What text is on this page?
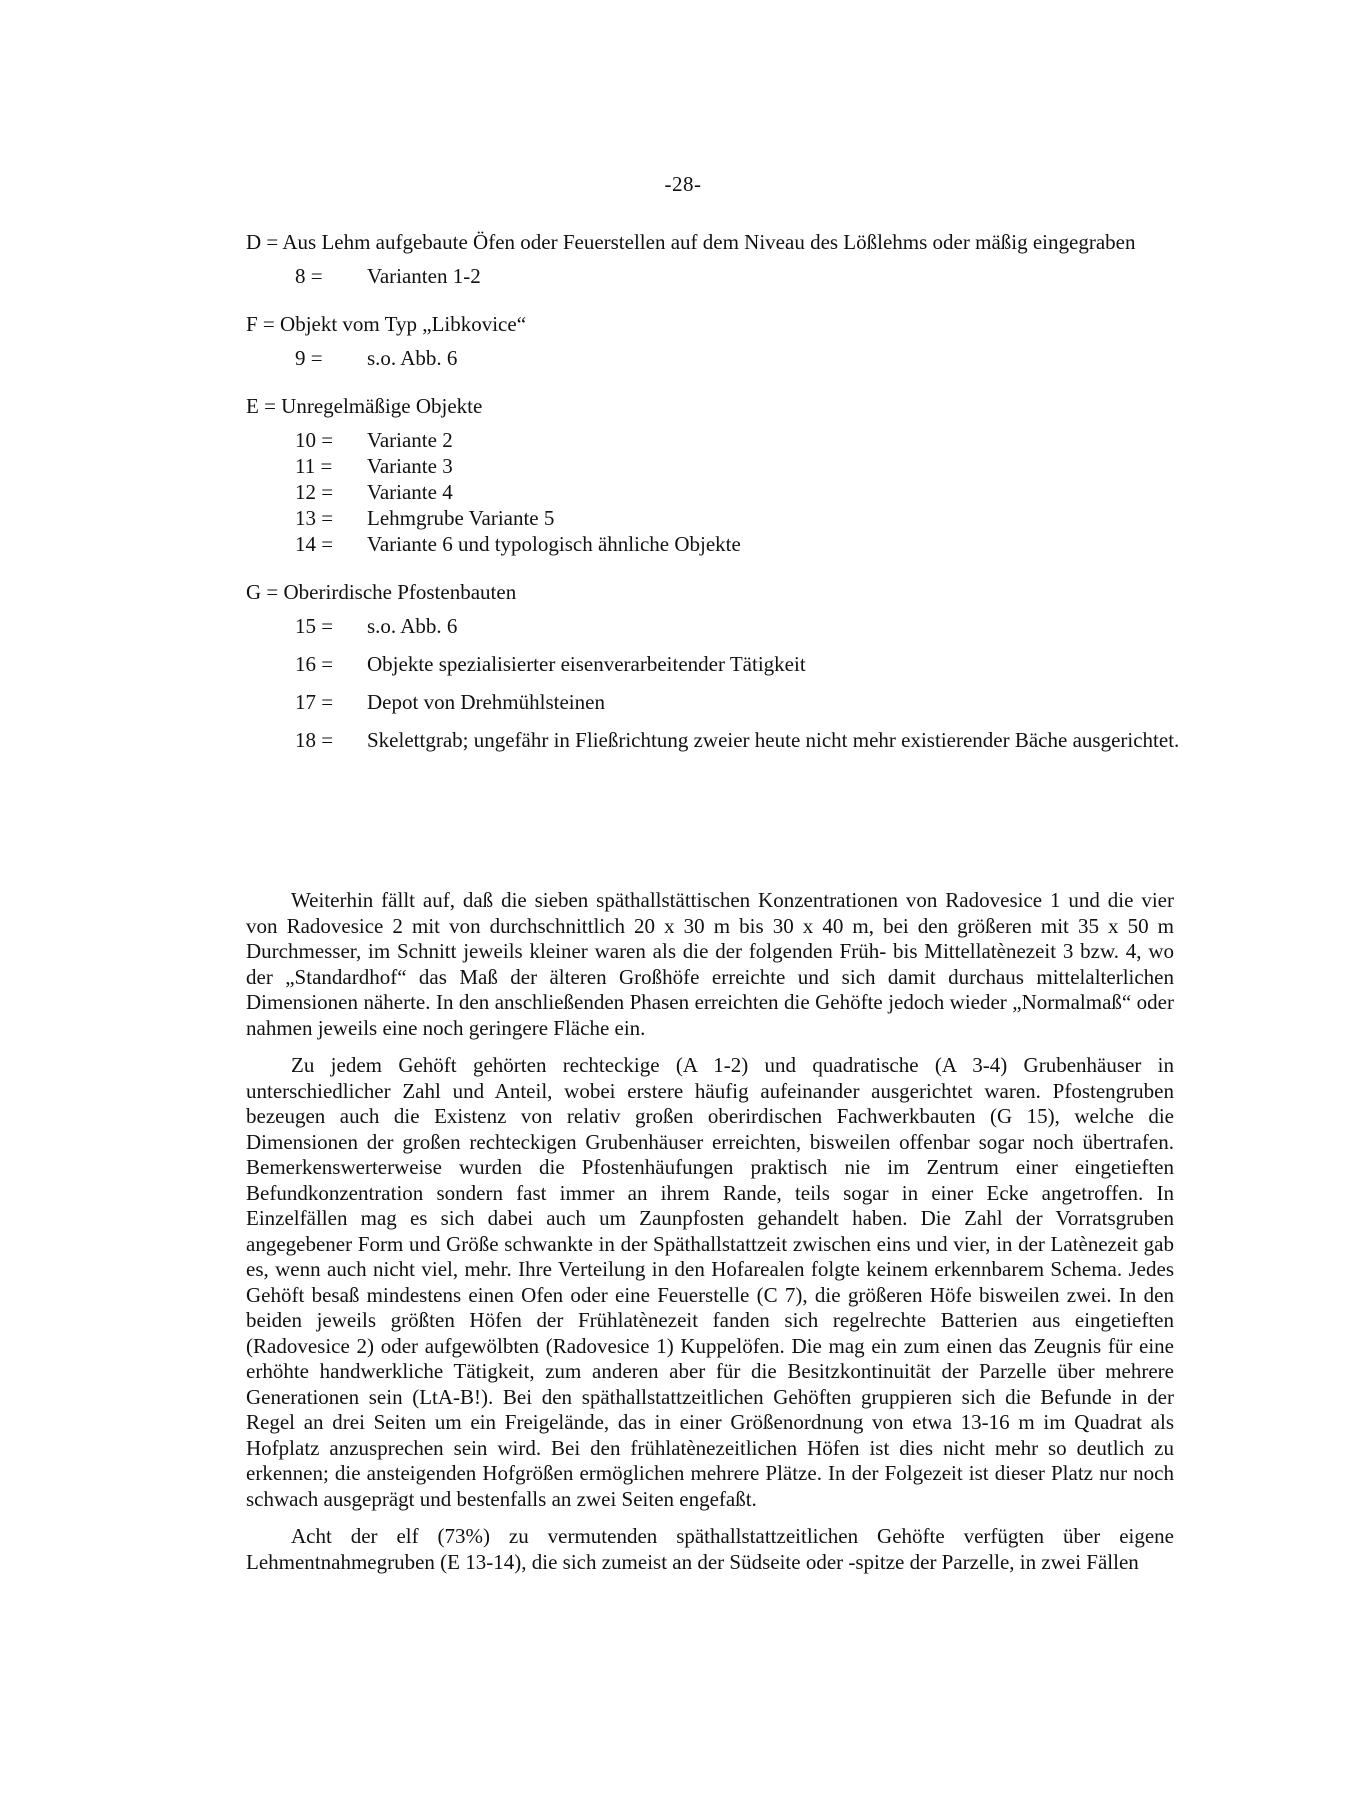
-28-
D = Aus Lehm aufgebaute Öfen oder Feuerstellen auf dem Niveau des Lößlehms oder mäßig eingegraben
8 =	Varianten 1-2
F = Objekt vom Typ „Libkovice“
9 =	s.o. Abb. 6
E = Unregelmäßige Objekte
10 =	Variante 2
11 =	Variante 3
12 =	Variante 4
13 =	Lehmgrube Variante 5
14 =	Variante 6 und typologisch ähnliche Objekte
G = Oberirdische Pfostenbauten
15 =	s.o. Abb. 6
16 =	Objekte spezialisierter eisenverarbeitender Tätigkeit
17 =	Depot von Drehmühlsteinen
18 =	Skelettgrab; ungefähr in Fließrichtung zweier heute nicht mehr existierender Bäche ausgerichtet.

Weiterhin fällt auf, daß die sieben späthallstättischen Konzentrationen von Radovesice 1 und die vier von Radovesice 2 mit von durchschnittlich 20 x 30 m bis 30 x 40 m, bei den größeren mit 35 x 50 m Durchmesser, im Schnitt jeweils kleiner waren als die der folgenden Früh- bis Mittellatènezeit 3 bzw. 4, wo der „Standardhof“ das Maß der älteren Großhöfe erreichte und sich damit durchaus mittelalterlichen Dimensionen näherte. In den anschließenden Phasen erreichten die Gehöfte jedoch wieder „Normalmaß“ oder nahmen jeweils eine noch geringere Fläche ein.

Zu jedem Gehöft gehörten rechteckige (A 1-2) und quadratische (A 3-4) Grubenhäuser in unterschiedlicher Zahl und Anteil, wobei erstere häufig aufeinander ausgerichtet waren. Pfostengruben bezeugen auch die Existenz von relativ großen oberirdischen Fachwerkbauten (G 15), welche die Dimensionen der großen rechteckigen Grubenhäuser erreichten, bisweilen offenbar sogar noch übertrafen. Bemerkenswerterweise wurden die Pfostenhäufungen praktisch nie im Zentrum einer eingetieften Befundkonzentration sondern fast immer an ihrem Rande, teils sogar in einer Ecke angetroffen. In Einzelfällen mag es sich dabei auch um Zaunpfosten gehandelt haben. Die Zahl der Vorratsgruben angegebener Form und Größe schwankte in der Späthallstattzeit zwischen eins und vier, in der Latènezeit gab es, wenn auch nicht viel, mehr. Ihre Verteilung in den Hofarealen folgte keinem erkennbarem Schema. Jedes Gehöft besaß mindestens einen Ofen oder eine Feuerstelle (C 7), die größeren Höfe bisweilen zwei. In den beiden jeweils größten Höfen der Frühlatènezeit fanden sich regelrechte Batterien aus eingetieften (Radovesice 2) oder aufgewölbten (Radovesice 1) Kuppelöfen. Die mag ein zum einen das Zeugnis für eine erhöhte handwerkliche Tätigkeit, zum anderen aber für die Besitzkontinuität der Parzelle über mehrere Generationen sein (LtA-B!). Bei den späthallstattzeitlichen Gehöften gruppieren sich die Befunde in der Regel an drei Seiten um ein Freigelände, das in einer Größenordnung von etwa 13-16 m im Quadrat als Hofplatz anzusprechen sein wird. Bei den frühlatènezeitlichen Höfen ist dies nicht mehr so deutlich zu erkennen; die ansteigenden Hofgrößen ermöglichen mehrere Plätze. In der Folgezeit ist dieser Platz nur noch schwach ausgeprägt und bestenfalls an zwei Seiten engefaßt.

Acht der elf (73%) zu vermutenden späthallstattzeitlichen Gehöfte verfügten über eigene Lehmentnahmegruben (E 13-14), die sich zumeist an der Südseite oder -spitze der Parzelle, in zwei Fällen
